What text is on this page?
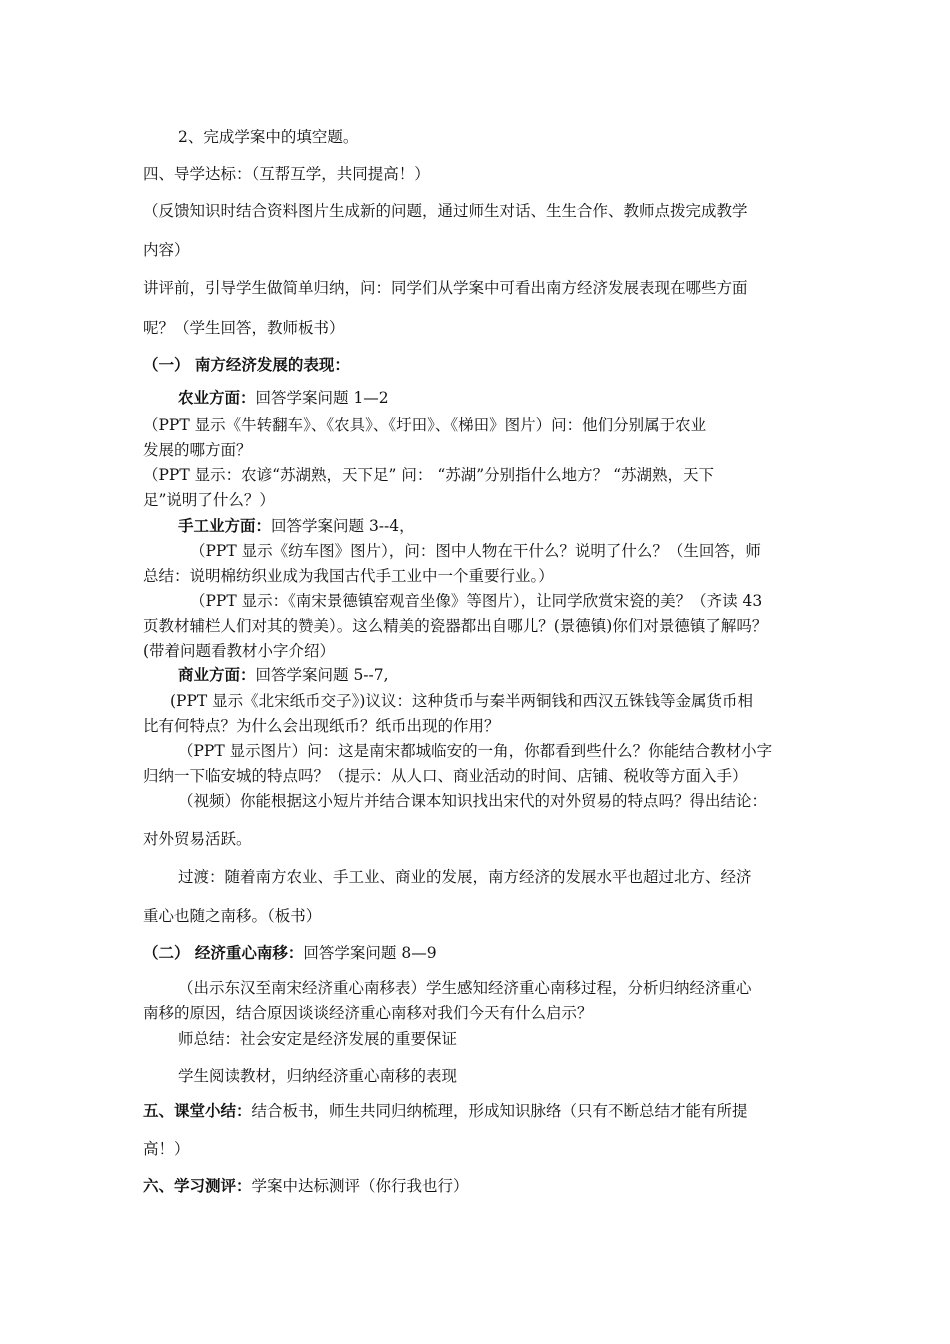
2、完成学案中的填空题。
四、导学达标：（互帮互学，共同提高！）
（反馈知识时结合资料图片生成新的问题，通过师生对话、生生合作、教师点拨完成教学
内容）
讲评前，引导学生做简单归纳，问：同学们从学案中可看出南方经济发展表现在哪些方面
呢？（学生回答，教师板书）
（一） 南方经济发展的表现：
农业方面：回答学案问题 1—2
（PPT 显示《牛转翻车》、《农具》、《圩田》、《梯田》图片）问：他们分别属于农业
发展的哪方面？
（PPT 显示：农谚“苏湖熟，天下足” 问： “苏湖”分别指什么地方？ “苏湖熟，天下
足”说明了什么？）
手工业方面：回答学案问题 3--4，
（PPT 显示《纺车图》图片），问：图中人物在干什么？说明了什么？（生回答，师
总结：说明棉纺织业成为我国古代手工业中一个重要行业。）
（PPT 显示：《南宋景德镇窑观音坐像》等图片），让同学欣赏宋瓷的美？（齐读 43
页教材辅栏人们对其的赞美）。这么精美的瓷器都出自哪儿？(景德镇)你们对景德镇了解吗？
(带着问题看教材小字介绍）
商业方面：回答学案问题 5--7,
(PPT 显示《北宋纸币交子》)议议：这种货币与秦半两铜钱和西汉五铢钱等金属货币相
比有何特点？为什么会出现纸币？纸币出现的作用？
（PPT 显示图片）问：这是南宋都城临安的一角，你都看到些什么？你能结合教材小字
归纳一下临安城的特点吗？（提示：从人口、商业活动的时间、店铺、税收等方面入手）
（视频）你能根据这小短片并结合课本知识找出宋代的对外贸易的特点吗？得出结论：
对外贸易活跃。
过渡：随着南方农业、手工业、商业的发展，南方经济的发展水平也超过北方、经济
重心也随之南移。（板书）
（二） 经济重心南移：回答学案问题 8—9
（出示东汉至南宋经济重心南移表）学生感知经济重心南移过程，分析归纳经济重心
南移的原因，结合原因谈谈经济重心南移对我们今天有什么启示？
师总结：社会安定是经济发展的重要保证
学生阅读教材，归纳经济重心南移的表现
五、课堂小结：结合板书，师生共同归纳梳理，形成知识脉络（只有不断总结才能有所提
高！）
六、学习测评：学案中达标测评（你行我也行）
